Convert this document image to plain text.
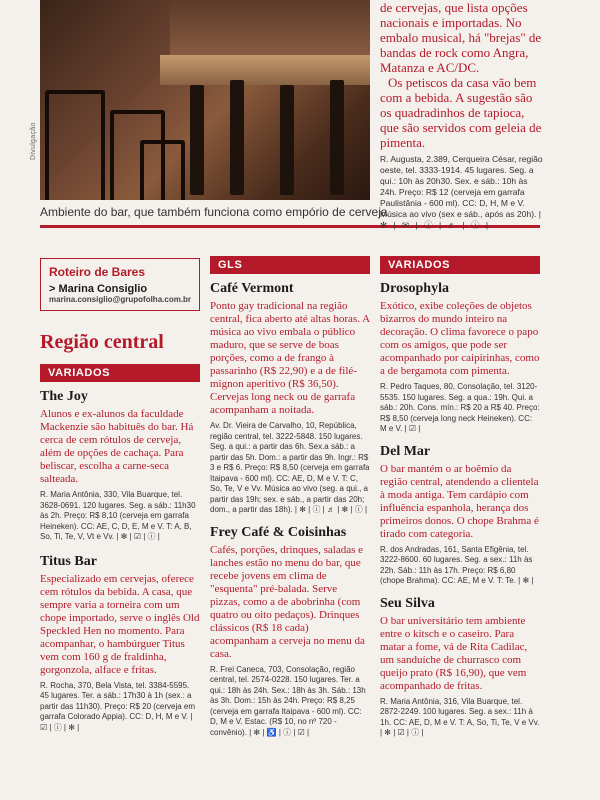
Divulgação
Ambiente do bar, que também funciona como empório de cerveja

de cervejas, que lista opções nacionais e importadas. No embalo musical, há "brejas" de bandas de rock como Angra, Matanza e AC/DC.

Os petiscos da casa vão bem com a bebida. A sugestão são os quadradinhos de tapioca, que são servidos com geleia de pimenta.

R. Augusta, 2.389, Cerqueira César, região oeste, tel. 3333-1914. 45 lugares. Seg. a qui.: 10h às 20h30. Sex. e sáb.: 10h às 24h. Preço: R$ 12 (cerveja em garrafa Paulistânia - 600 ml). CC: D, H, M e V. Música ao vivo (sex e sáb., após as 20h). | ✻ | ✉ | ⓘ | ♬ | ⓘ |
Roteiro de Bares
> Marina Consiglio
marina.consiglio@grupofolha.com.br
Região central
VARIADOS
The Joy
Alunos e ex-alunos da faculdade Mackenzie são habituês do bar. Há cerca de cem rótulos de cerveja, além de opções de cachaça. Para beliscar, escolha a carne-seca salteada.
R. Maria Antônia, 330, Vila Buarque, tel. 3628-0691. 120 lugares. Seg. a sáb.: 11h30 às 2h. Preço: R$ 8,10 (cerveja em garrafa Heineken). CC: AE, C, D, E, M e V. T: A, B, So, Ti, Te, V, Vt e Vv. | ✻ | ☑ | ⓘ |
Titus Bar
Especializado em cervejas, oferece cem rótulos da bebida. A casa, que sempre varia a torneira com um chope importado, serve o inglês Old Speckled Hen no momento. Para acompanhar, o hambúrguer Titus vem com 160 g de fraldinha, gorgonzola, alface e fritas.
R. Rocha, 370, Bela Vista, tel. 3384-5595. 45 lugares. Ter. a sáb.: 17h30 à 1h (sex.: a partir das 11h30). Preço: R$ 20 (cerveja em garrafa Colorado Appia). CC: D, H, M e V. | ☑ | ⓘ | ✻ |
GLS
Café Vermont
Ponto gay tradicional na região central, fica aberto até altas horas. A música ao vivo embala o público maduro, que se serve de boas porções, como a de frango à passarinho (R$ 22,90) e a de filé-mignon aperitivo (R$ 36,50). Cervejas long neck ou de garrafa acompanham a noitada.
Av. Dr. Vieira de Carvalho, 10, República, região central, tel. 3222-5848. 150 lugares. Seg. a qui.: a partir das 6h. Sex.a sáb.: a partir das 5h. Dom.: a partir das 9h. Ingr.: R$ 3 e R$ 6. Preço: R$ 8,50 (cerveja em garrafa Itaipava - 600 ml). CC: AE, D, M e V. T: C, So, Te, V e Vv. Música ao vivo (seg. a qui., a partir das 19h; sex. e sáb., a partir das 20h; dom., a partir das 18h). | ✻ | ⓘ | ♬ | ✻ | ⓘ |
Frey Café & Coisinhas
Cafés, porções, drinques, saladas e lanches estão no menu do bar, que recebe jovens em clima de "esquenta" pré-balada. Serve pizzas, como a de abobrinha (com quatro ou oito pedaços). Drinques clássicos (R$ 18 cada) acompanham a cerveja no menu da casa.
R. Frei Caneca, 703, Consolação, região central, tel. 2574-0228. 150 lugares. Ter. a qui.: 18h às 24h. Sex.: 18h às 3h. Sáb.: 13h às 3h. Dom.: 15h às 24h. Preço: R$ 8,25 (cerveja em garrafa Itaipava - 600 ml). CC: D, M e V. Estac. (R$ 10, no nº 720 - convênio). | ✻ | ♿ | ⓘ | ☑ |
VARIADOS
Drosophyla
Exótico, exibe coleções de objetos bizarros do mundo inteiro na decoração. O clima favorece o papo com os amigos, que pode ser acompanhado por caipirinhas, como a de bergamota com pimenta.
R. Pedro Taques, 80, Consolação, tel. 3120-5535. 150 lugares. Seg. a qua.: 19h. Qui. a sáb.: 20h. Cons. mín.: R$ 20 a R$ 40. Preço: R$ 8,50 (cerveja long neck Heineken). CC: M e V. | ☑ |
Del Mar
O bar mantém o ar boêmio da região central, atendendo a clientela à moda antiga. Tem cardápio com influência espanhola, herança dos primeiros donos. O chope Brahma é tirado com categoria.
R. dos Andradas, 161, Santa Efigênia, tel. 3222-8600. 60 lugares. Seg. a sex.: 11h às 22h. Sáb.: 11h às 17h. Preço: R$ 6,80 (chope Brahma). CC: AE, M e V. T: Te. | ✻ |
Seu Silva
O bar universitário tem ambiente entre o kitsch e o caseiro. Para matar a fome, vá de Rita Cadilac, um sanduíche de churrasco com queijo prato (R$ 16,90), que vem acompanhado de fritas.
R. Maria Antônia, 316, Vila Buarque, tel. 2872-2249. 100 lugares. Seg. a sex.: 11h à 1h. CC: AE, D, M e V. T: A, So, Ti, Te, V e Vv. | ✻ | ☑ | ⓘ |
